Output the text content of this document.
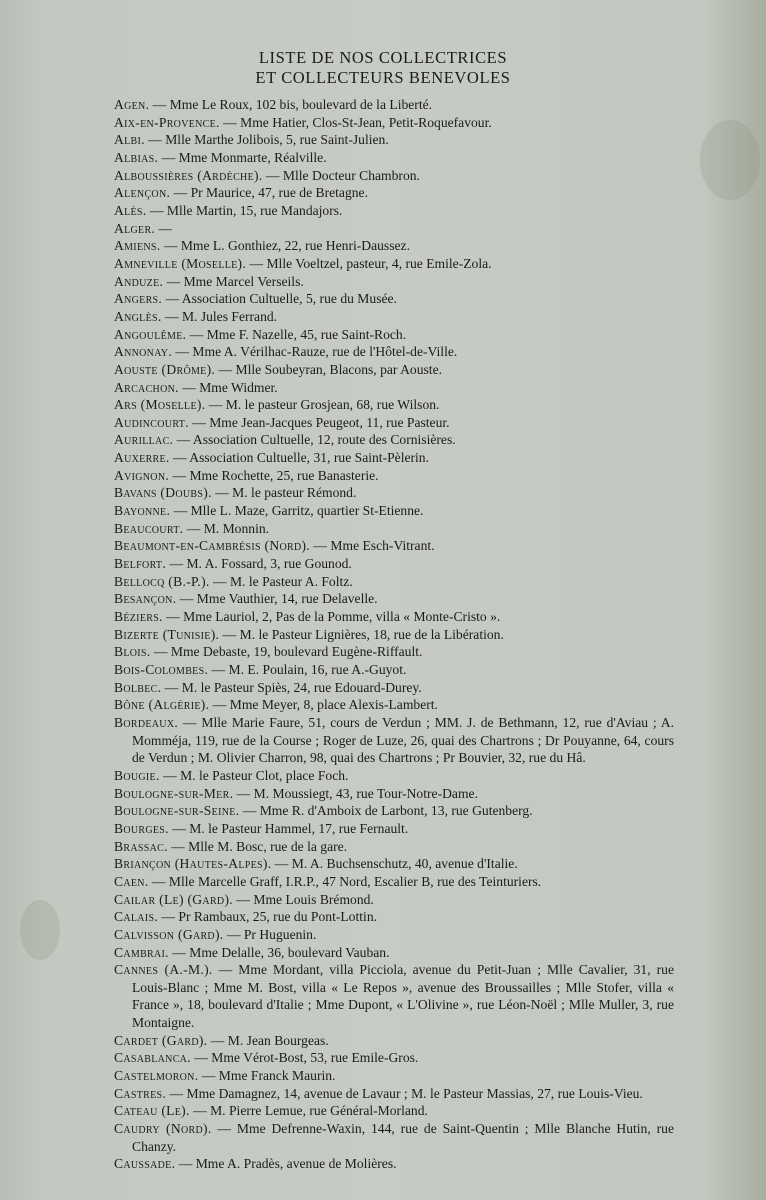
LISTE DE NOS COLLECTRICES
ET COLLECTEURS BENEVOLES
Agen. — Mme Le Roux, 102 bis, boulevard de la Liberté.
Aix-en-Provence. — Mme Hatier, Clos-St-Jean, Petit-Roquefavour.
Albi. — Mlle Marthe Jolibois, 5, rue Saint-Julien.
Albias. — Mme Monmarte, Réalville.
Alboussières (Ardèche). — Mlle Docteur Chambron.
Alençon. — Pr Maurice, 47, rue de Bretagne.
Alès. — Mlle Martin, 15, rue Mandajors.
Alger.—
Amiens. — Mme L. Gonthiez, 22, rue Henri-Daussez.
Amneville (Moselle). — Mlle Voeltzel, pasteur, 4, rue Emile-Zola.
Anduze. — Mme Marcel Verseils.
Angers. — Association Cultuelle, 5, rue du Musée.
Anglès. — M. Jules Ferrand.
Angoulême. — Mme F. Nazelle, 45, rue Saint-Roch.
Annonay. — Mme A. Vérilhac-Rauze, rue de l'Hôtel-de-Ville.
Aouste (Drôme). — Mlle Soubeyran, Blacons, par Aouste.
Arcachon. — Mme Widmer.
Ars (Moselle). — M. le pasteur Grosjean, 68, rue Wilson.
Audincourt. — Mme Jean-Jacques Peugeot, 11, rue Pasteur.
Aurillac. — Association Cultuelle, 12, route des Cornisières.
Auxerre. — Association Cultuelle, 31, rue Saint-Pèlerin.
Avignon. — Mme Rochette, 25, rue Banasterie.
Bavans (Doubs). — M. le pasteur Rémond.
Bayonne. — Mlle L. Maze, Garritz, quartier St-Etienne.
Beaucourt. — M. Monnin.
Beaumont-en-Cambrésis (Nord). — Mme Esch-Vitrant.
Belfort. — M. A. Fossard, 3, rue Gounod.
Bellocq (B.-P.). — M. le Pasteur A. Foltz.
Besançon. — Mme Vauthier, 14, rue Delavelle.
Béziers. — Mme Lauriol, 2, Pas de la Pomme, villa « Monte-Cristo ».
Bizerte (Tunisie). — M. le Pasteur Lignières, 18, rue de la Libération.
Blois. — Mme Debaste, 19, boulevard Eugène-Riffault.
Bois-Colombes. — M. E. Poulain, 16, rue A.-Guyot.
Bolbec. — M. le Pasteur Spiès, 24, rue Edouard-Durey.
Bône (Algérie). — Mme Meyer, 8, place Alexis-Lambert.
Bordeaux. — Mlle Marie Faure, 51, cours de Verdun ; MM. J. de Bethmann, 12, rue d'Aviau ; A. Momméja, 119, rue de la Course ; Roger de Luze, 26, quai des Chartrons ; Dr Pouyanne, 64, cours de Verdun ; M. Olivier Charron, 98, quai des Chartrons ; Pr Bouvier, 32, rue du Hâ.
Bougie. — M. le Pasteur Clot, place Foch.
Boulogne-sur-Mer. — M. Moussiegt, 43, rue Tour-Notre-Dame.
Boulogne-sur-Seine. — Mme R. d'Amboix de Larbont, 13, rue Gutenberg.
Bourges. — M. le Pasteur Hammel, 17, rue Fernault.
Brassac. — Mlle M. Bosc, rue de la gare.
Briançon (Hautes-Alpes). — M. A. Buchsenschutz, 40, avenue d'Italie.
Caen. — Mlle Marcelle Graff, I.R.P., 47 Nord, Escalier B, rue des Teinturiers.
Cailar (Le) (Gard). — Mme Louis Brémond.
Calais. — Pr Rambaux, 25, rue du Pont-Lottin.
Calvisson (Gard). — Pr Huguenin.
Cambrai. — Mme Delalle, 36, boulevard Vauban.
Cannes (A.-M.). — Mme Mordant, villa Picciola, avenue du Petit-Juan ; Mlle Cavalier, 31, rue Louis-Blanc ; Mme M. Bost, villa « Le Repos », avenue des Broussailles ; Mlle Stofer, villa « France », 18, boulevard d'Italie ; Mme Dupont, « L'Olivine », rue Léon-Noël ; Mlle Muller, 3, rue Montaigne.
Cardet (Gard). — M. Jean Bourgeas.
Casablanca. — Mme Vérot-Bost, 53, rue Emile-Gros.
Castelmoron. — Mme Franck Maurin.
Castres. — Mme Damagnez, 14, avenue de Lavaur ; M. le Pasteur Massias, 27, rue Louis-Vieu.
Cateau (Le). — M. Pierre Lemue, rue Général-Morland.
Caudry (Nord). — Mme Defrenne-Waxin, 144, rue de Saint-Quentin ; Mlle Blanche Hutin, rue Chanzy.
Caussade. — Mme A. Pradès, avenue de Molières.
